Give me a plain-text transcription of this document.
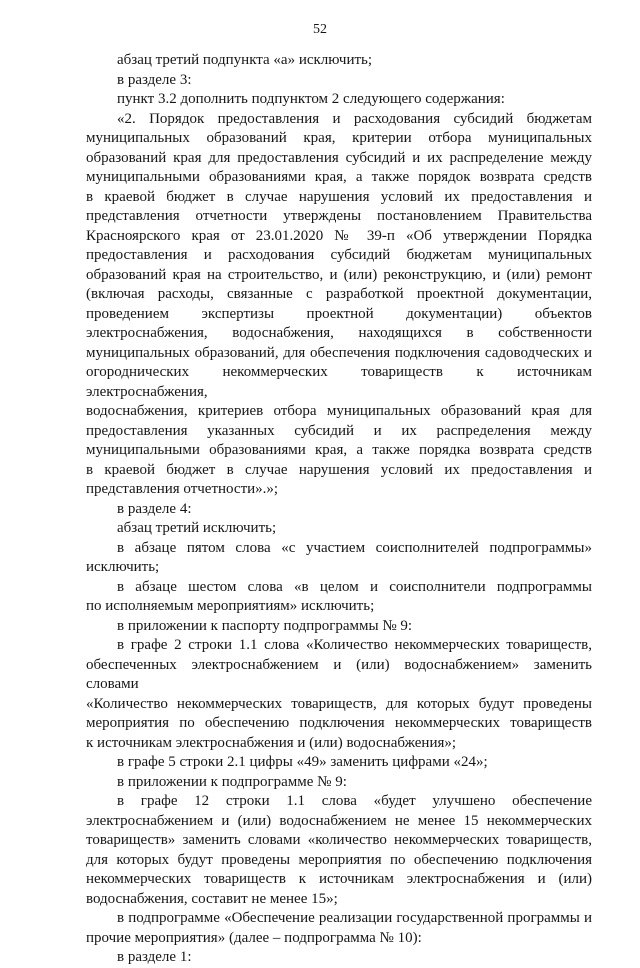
52

абзац третий подпункта «а» исключить;

в разделе 3:

пункт 3.2 дополнить подпунктом 2 следующего содержания:

«2. Порядок предоставления и расходования субсидий бюджетам

муниципальных образований края, критерии отбора муниципальных

образований края для предоставления субсидий и их распределение между

муниципальными образованиями края, а также порядок возврата средств

в краевой бюджет в случае нарушения условий их предоставления и

представления отчетности утверждены постановлением Правительства

Красноярского края от 23.01.2020 № 39-п «Об утверждении Порядка

предоставления и расходования субсидий бюджетам муниципальных

образований края на строительство, и (или) реконструкцию, и (или) ремонт

(включая расходы, связанные с разработкой проектной документации,

проведением экспертизы проектной документации) объектов

электроснабжения, водоснабжения, находящихся в собственности

муниципальных образований, для обеспечения подключения садоводческих и

огороднических некоммерческих товариществ к источникам электроснабжения,

водоснабжения, критериев отбора муниципальных образований края для

предоставления указанных субсидий и их распределения между

муниципальными образованиями края, а также порядка возврата средств

в краевой бюджет в случае нарушения условий их предоставления и

представления отчетности».»;

в разделе 4:

абзац третий исключить;

в абзаце пятом слова «с участием соисполнителей подпрограммы»

исключить;

в абзаце шестом слова «в целом и соисполнители подпрограммы

по исполняемым мероприятиям» исключить;

в приложении к паспорту подпрограммы № 9:

в графе 2 строки 1.1 слова «Количество некоммерческих товариществ,

обеспеченных электроснабжением и (или) водоснабжением» заменить словами

«Количество некоммерческих товариществ, для которых будут проведены

мероприятия по обеспечению подключения некоммерческих товариществ

к источникам электроснабжения и (или) водоснабжения»;

в графе 5 строки 2.1 цифры «49» заменить цифрами «24»;

в приложении к подпрограмме № 9:

в графе 12 строки 1.1 слова «будет улучшено обеспечение

электроснабжением и (или) водоснабжением не менее 15 некоммерческих

товариществ» заменить словами «количество некоммерческих товариществ,

для которых будут проведены мероприятия по обеспечению подключения

некоммерческих товариществ к источникам электроснабжения и (или)

водоснабжения, составит не менее 15»;

в подпрограмме «Обеспечение реализации государственной программы и

прочие мероприятия» (далее – подпрограмма № 10):

в разделе 1:
